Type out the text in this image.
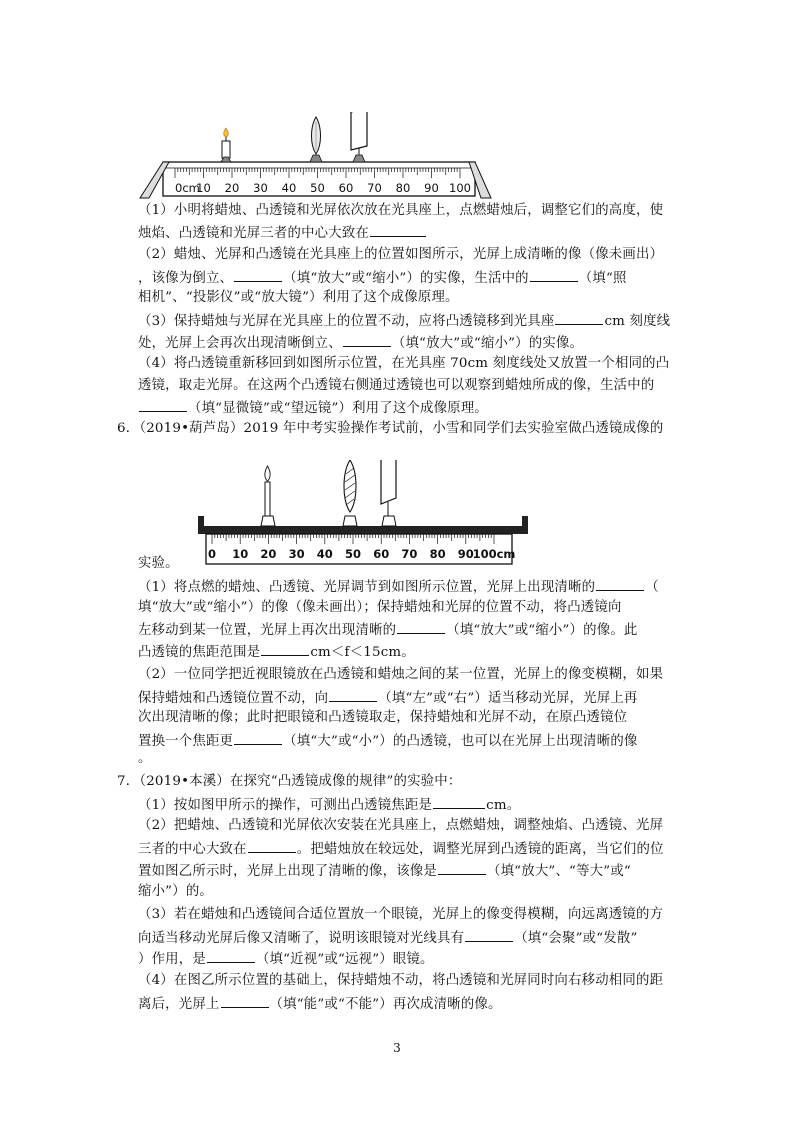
0cm
10 20 30 40 50 60 70 80 90 100
（1）小明将蜡烛、凸透镜和光屏依次放在光具座上，点燃蜡烛后，调整它们的高度，使
烛焰、凸透镜和光屏三者的中心大致在
（2）蜡烛、光屏和凸透镜在光具座上的位置如图所示，光屏上成清晰的像（像未画出）
，该像为倒立、	（填“放大”或“缩小”）的实像，生活中的	（填“照
相机”、“投影仪”或“放大镜”）利用了这个成像原理。
（3）保持蜡烛与光屏在光具座上的位置不动，应将凸透镜移到光具座	cm 刻度线
处，光屏上会再次出现清晰倒立、	（填“放大”或“缩小”）的实像。
（4）将凸透镜重新移回到如图所示位置，在光具座 70cm 刻度线处又放置一个相同的凸
透镜，取走光屏。在这两个凸透镜右侧通过透镜也可以观察到蜡烛所成的像，生活中的
（填“显微镜”或“望远镜”）利用了这个成像原理。
6．（2019•葫芦岛）2019 年中考实验操作考试前，小雪和同学们去实验室做凸透镜成像的
0 10 20 30 40 50 60 70 80 90
100cm
实验。
（1）将点燃的蜡烛、凸透镜、光屏调节到如图所示位置，光屏上出现清晰的	（
填“放大”或“缩小”）的像（像未画出）；保持蜡烛和光屏的位置不动，将凸透镜向
左移动到某一位置，光屏上再次出现清晰的	（填“放大”或“缩小”）的像。此
凸透镜的焦距范围是	cm＜f＜15cm。
（2）一位同学把近视眼镜放在凸透镜和蜡烛之间的某一位置，光屏上的像变模糊，如果
保持蜡烛和凸透镜位置不动，向	（填“左”或“右”）适当移动光屏，光屏上再
次出现清晰的像；此时把眼镜和凸透镜取走，保持蜡烛和光屏不动，在原凸透镜位
置换一个焦距更	（填“大”或“小”）的凸透镜，也可以在光屏上出现清晰的像
。
7．（2019•本溪）在探究“凸透镜成像的规律”的实验中：
（1）按如图甲所示的操作，可测出凸透镜焦距是	cm。
（2）把蜡烛、凸透镜和光屏依次安装在光具座上，点燃蜡烛，调整烛焰、凸透镜、光屏
三者的中心大致在	。把蜡烛放在较远处，调整光屏到凸透镜的距离，当它们的位
置如图乙所示时，光屏上出现了清晰的像，该像是	（填“放大”、“等大”或“
缩小”）的。
（3）若在蜡烛和凸透镜间合适位置放一个眼镜，光屏上的像变得模糊，向远离透镜的方
向适当移动光屏后像又清晰了，说明该眼镜对光线具有	（填“会聚”或“发散”
）作用，是	（填“近视”或“远视”）眼镜。
（4）在图乙所示位置的基础上，保持蜡烛不动，将凸透镜和光屏同时向右移动相同的距
离后，光屏上	（填“能”或“不能”）再次成清晰的像。
3
